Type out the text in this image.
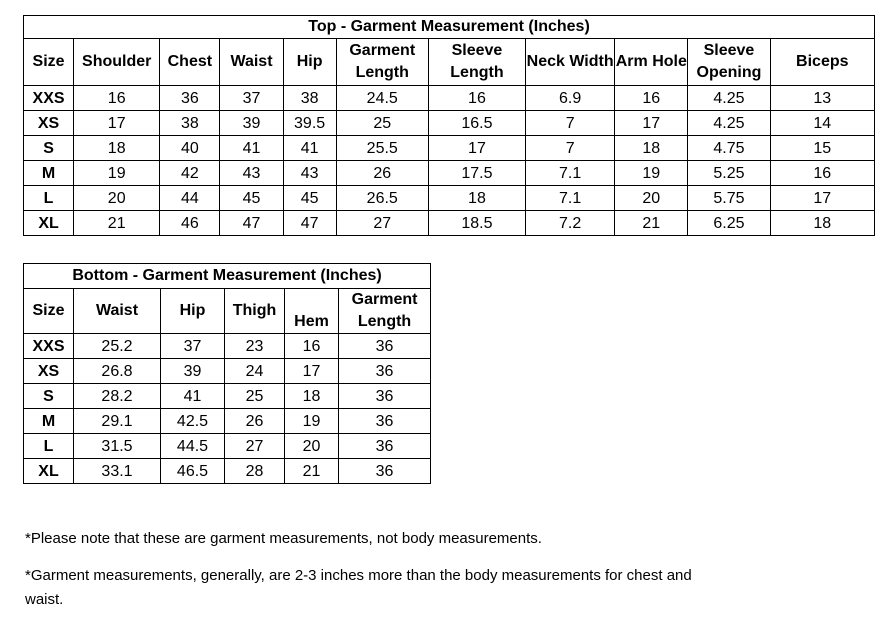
Top - Garment Measurement (Inches)										
Size	Shoulder	Chest	Waist	Hip	Garment Length	Sleeve Length	Neck Width	Arm Hole	Sleeve Opening	Biceps
XXS	16	36	37	38	24.5	16	6.9	16	4.25	13
XS	17	38	39	39.5	25	16.5	7	17	4.25	14
S	18	40	41	41	25.5	17	7	18	4.75	15
M	19	42	43	43	26	17.5	7.1	19	5.25	16
L	20	44	45	45	26.5	18	7.1	20	5.75	17
XL	21	46	47	47	27	18.5	7.2	21	6.25	18
Bottom - Garment Measurement (Inches)					
Size	Waist	Hip	Thigh	Hem	Garment Length
XXS	25.2	37	23	16	36
XS	26.8	39	24	17	36
S	28.2	41	25	18	36
M	29.1	42.5	26	19	36
L	31.5	44.5	27	20	36
XL	33.1	46.5	28	21	36

*Please note that these are garment measurements, not body measurements.

*Garment measurements, generally, are 2-3 inches more than the body measurements for chest and waist.
